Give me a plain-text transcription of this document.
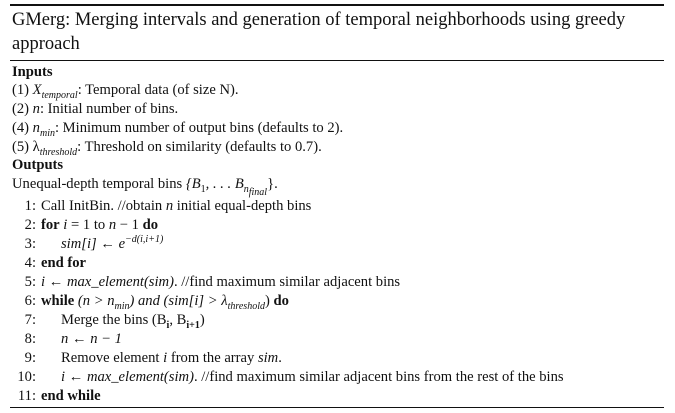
GMerg: Merging intervals and generation of temporal neighborhoods using greedy approach
Inputs
(1) $X_{temporal}$: Temporal data (of size N).
(2) n: Initial number of bins.
(4) $n_{min}$: Minimum number of output bins (defaults to 2).
(5) $\lambda_{threshold}$: Threshold on similarity (defaults to 0.7).
Outputs
Unequal-depth temporal bins {$B_1$, . . . $B_{n_{final}}$}.
1: Call InitBin. //obtain n initial equal-depth bins
2: for i = 1 to n − 1 do
3: sim[i] ← $e^{-d(i,i+1)}$
4: end for
5: i ← max_element(sim). //find maximum similar adjacent bins
6: while $(n > n_{min})$ and $(sim[i] > \lambda_{threshold})$ do
7: Merge the bins ($B_i$, $B_{i+1}$)
8: n ← n − 1
9: Remove element i from the array sim.
10: i ← max_element(sim). //find maximum similar adjacent bins from the rest of the bins
11: end while
